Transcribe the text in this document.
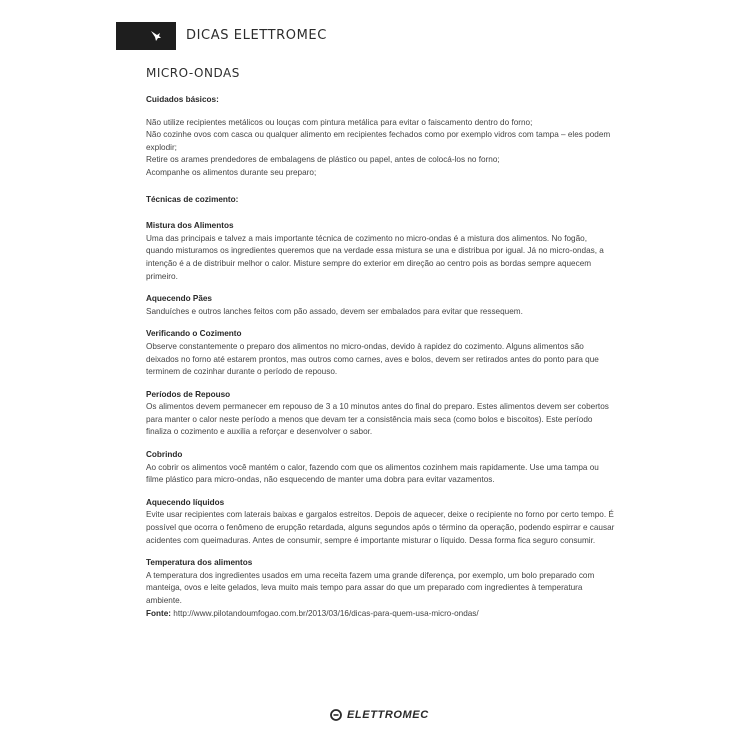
DICAS ELETTROMEC
MICRO-ONDAS

Cuidados básicos:

Não utilize recipientes metálicos ou louças com pintura metálica para evitar o faiscamento dentro do forno;

Não cozinhe ovos com casca ou qualquer alimento em recipientes fechados como por exemplo vidros com tampa – eles podem explodir;

Retire os arames prendedores de embalagens de plástico ou papel, antes de colocá-los no forno;

Acompanhe os alimentos durante seu preparo;

Técnicas de cozimento:

Mistura dos Alimentos

Uma das principais e talvez a mais importante técnica de cozimento no micro-ondas é a mistura dos alimentos. No fogão, quando misturamos os ingredientes queremos que na verdade essa mistura se una e distribua por igual. Já no micro-ondas, a intenção é a de distribuir melhor o calor. Misture sempre do exterior em direção ao centro pois as bordas sempre aquecem primeiro.

Aquecendo Pães

Sanduíches e outros lanches feitos com pão assado, devem ser embalados para evitar que ressequem.

Verificando o Cozimento

Observe constantemente o preparo dos alimentos no micro-ondas, devido à rapidez do cozimento. Alguns alimentos são deixados no forno até estarem prontos, mas outros como carnes, aves e bolos, devem ser retirados antes do ponto para que terminem de cozinhar durante o período de repouso.

Períodos de Repouso

Os alimentos devem permanecer em repouso de 3 a 10 minutos antes do final do preparo. Estes alimentos devem ser cobertos para manter o calor neste período a menos que devam ter a consistência mais seca (como bolos e biscoitos). Este período finaliza o cozimento e auxilia a reforçar e desenvolver o sabor.

Cobrindo

Ao cobrir os alimentos você mantém o calor, fazendo com que os alimentos cozinhem mais rapidamente. Use uma tampa ou filme plástico para micro-ondas, não esquecendo de manter uma dobra para evitar vazamentos.

Aquecendo líquidos

Evite usar recipientes com laterais baixas e gargalos estreitos. Depois de aquecer, deixe o recipiente no forno por certo tempo. É possível que ocorra o fenômeno de erupção retardada, alguns segundos após o término da operação, podendo espirrar e causar acidentes com queimaduras. Antes de consumir, sempre é importante misturar o líquido. Dessa forma fica seguro consumir.

Temperatura dos alimentos

A temperatura dos ingredientes usados em uma receita fazem uma grande diferença, por exemplo, um bolo preparado com manteiga, ovos e leite gelados, leva muito mais tempo para assar do que um preparado com ingredientes à temperatura ambiente.

Fonte: http://www.pilotandoumfogao.com.br/2013/03/16/dicas-para-quem-usa-micro-ondas/

ELETTROMEC
